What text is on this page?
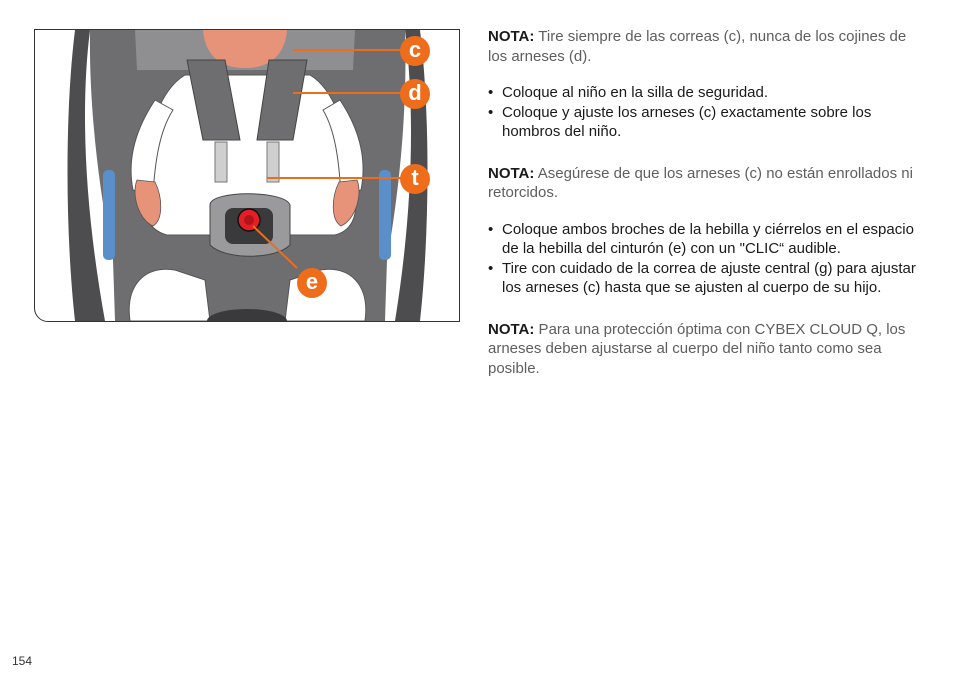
c
d
t
e

NOTA: Tire siempre de las correas (c), nunca de los cojines de los arneses (d).

• Coloque al niño en la silla de seguridad.
• Coloque y ajuste los arneses (c) exactamente sobre los hombros del niño.

NOTA: Asegúrese de que los arneses (c) no están enrollados ni retorcidos.

• Coloque ambos broches de la hebilla y ciérrelos en el espacio de la hebilla del cinturón (e) con un "CLIC“ audible.
• Tire con cuidado de la correa de ajuste central (g) para ajustar los arneses (c) hasta que se ajusten al cuerpo de su hijo.

NOTA: Para una protección óptima con CYBEX CLOUD Q, los arneses deben ajustarse al cuerpo del niño tanto como sea posible.

154
